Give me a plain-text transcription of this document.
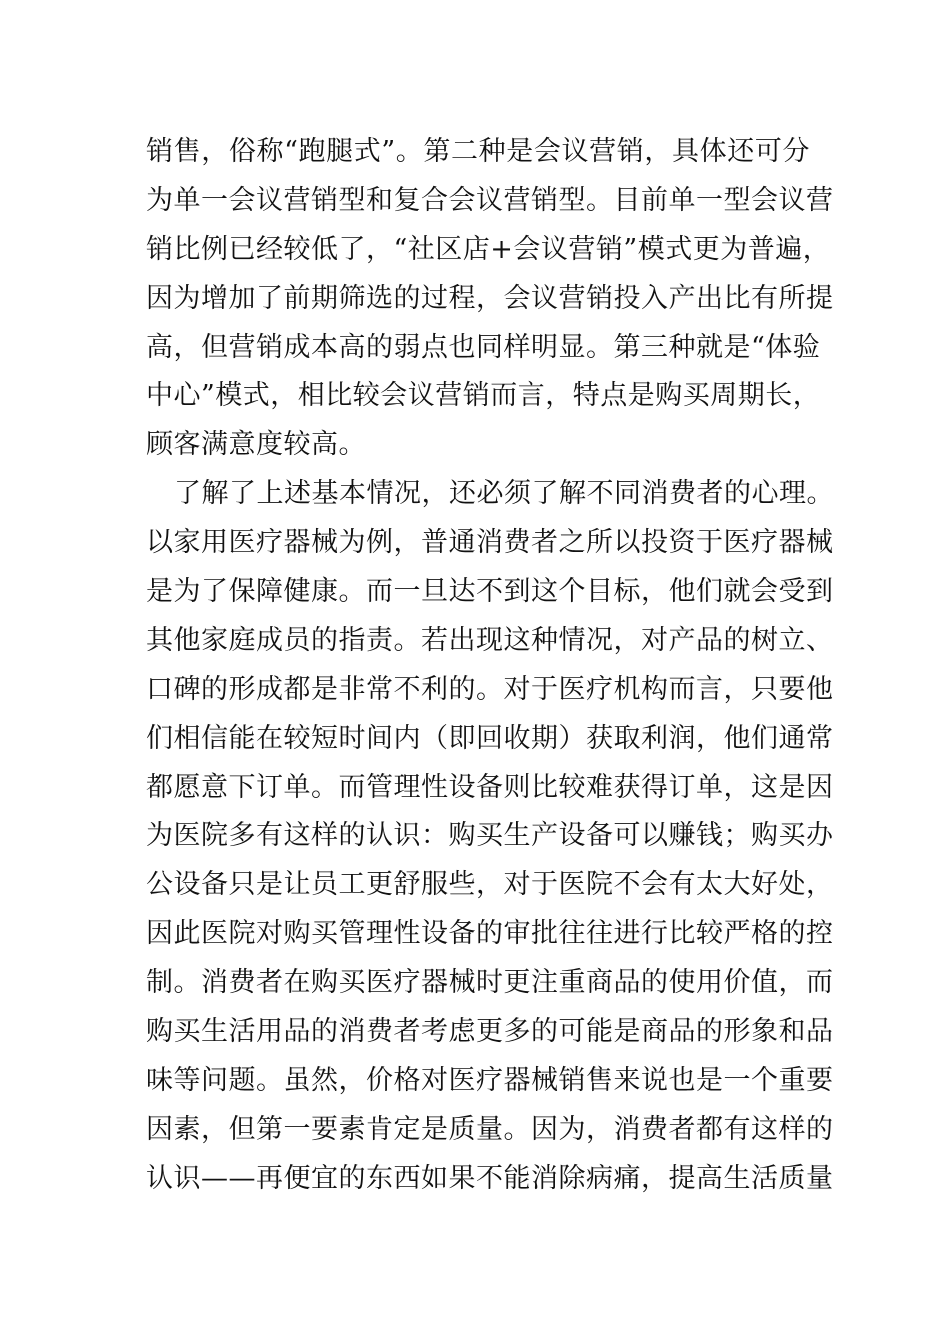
销售，俗称“跑腿式”。第二种是会议营销，具体还可分
为单一会议营销型和复合会议营销型。目前单一型会议营
销比例已经较低了，“社区店+会议营销”模式更为普遍，
因为增加了前期筛选的过程，会议营销投入产出比有所提
高，但营销成本高的弱点也同样明显。第三种就是“体验
中心”模式，相比较会议营销而言，特点是购买周期长，
顾客满意度较高。
了解了上述基本情况，还必须了解不同消费者的心理。
以家用医疗器械为例，普通消费者之所以投资于医疗器械
是为了保障健康。而一旦达不到这个目标，他们就会受到
其他家庭成员的指责。若出现这种情况，对产品的树立、
口碑的形成都是非常不利的。对于医疗机构而言，只要他
们相信能在较短时间内（即回收期）获取利润，他们通常
都愿意下订单。而管理性设备则比较难获得订单，这是因
为医院多有这样的认识：购买生产设备可以赚钱；购买办
公设备只是让员工更舒服些，对于医院不会有太大好处，
因此医院对购买管理性设备的审批往往进行比较严格的控
制。消费者在购买医疗器械时更注重商品的使用价值，而
购买生活用品的消费者考虑更多的可能是商品的形象和品
味等问题。虽然，价格对医疗器械销售来说也是一个重要
因素，但第一要素肯定是质量。因为，消费者都有这样的
认识——再便宜的东西如果不能消除病痛，提高生活质量
